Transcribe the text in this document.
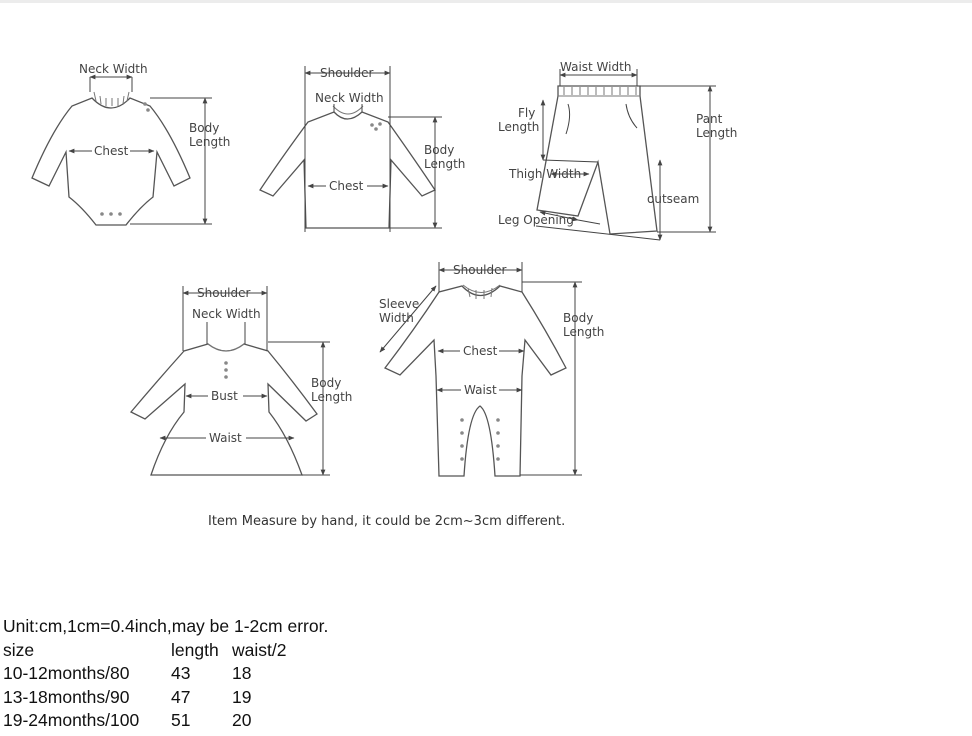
Neck Width
Chest
Body
Length
Shoulder
Neck Width
Chest
Body
Length
Waist Width
Fly
Length
Pant
Length
Thigh Width
outseam
Leg Opening
Shoulder
Neck Width
Bust
Waist
Body
Length
Shoulder
Sleeve
Width
Chest
Waist
Body
Length
Item Measure by hand, it could be 2cm~3cm different.
Unit:cm,1cm=0.4inch,may be 1-2cm error.
size	length	waist/2
10-12months/80	43	18
13-18months/90	47	19
19-24months/100	51	20
